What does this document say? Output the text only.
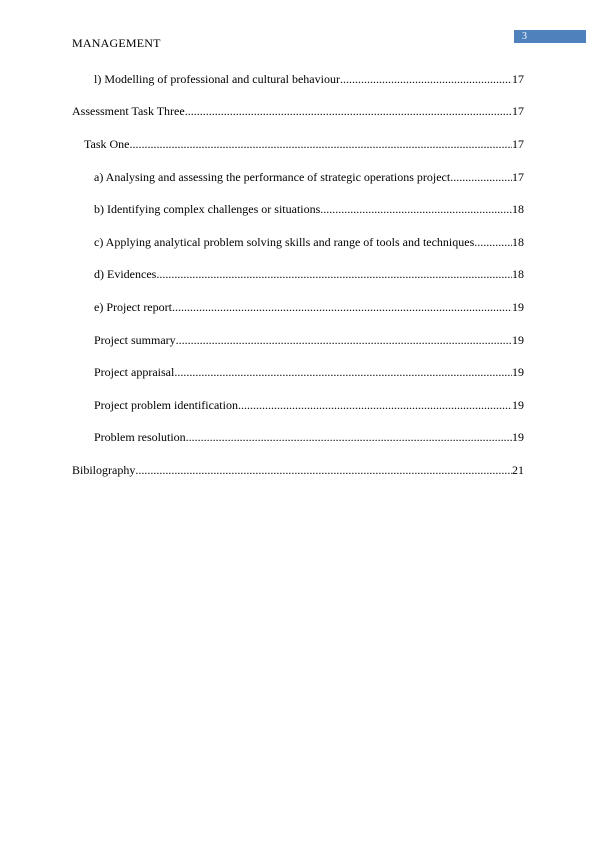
MANAGEMENT	3
l) Modelling of professional and cultural behaviour .....	17
Assessment Task Three .....	17
Task One .....	17
a) Analysing and assessing the performance of strategic operations project .....	17
b) Identifying complex challenges or situations .....	18
c) Applying analytical problem solving skills and range of tools and techniques .....	18
d) Evidences .....	18
e) Project report .....	19
Project summary .....	19
Project appraisal .....	19
Project problem identification .....	19
Problem resolution .....	19
Bibilography .....	21
